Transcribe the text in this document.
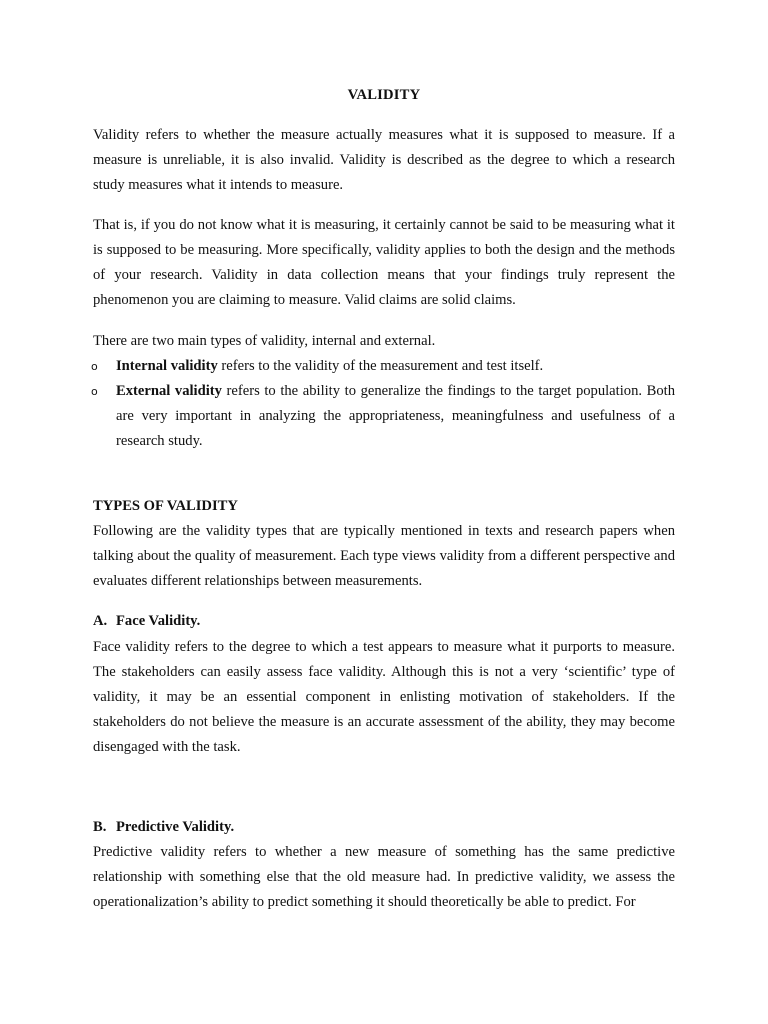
VALIDITY

Validity refers to whether the measure actually measures what it is supposed to measure. If a measure is unreliable, it is also invalid. Validity is described as the degree to which a research study measures what it intends to measure.

That is, if you do not know what it is measuring, it certainly cannot be said to be measuring what it is supposed to be measuring. More specifically, validity applies to both the design and the methods of your research. Validity in data collection means that your findings truly represent the phenomenon you are claiming to measure. Valid claims are solid claims.

There are two main types of validity, internal and external.

o Internal validity refers to the validity of the measurement and test itself.
o External validity refers to the ability to generalize the findings to the target population. Both are very important in analyzing the appropriateness, meaningfulness and usefulness of a research study.
TYPES OF VALIDITY

Following are the validity types that are typically mentioned in texts and research papers when talking about the quality of measurement. Each type views validity from a different perspective and evaluates different relationships between measurements.

A. Face Validity.

Face validity refers to the degree to which a test appears to measure what it purports to measure. The stakeholders can easily assess face validity. Although this is not a very ‘scientific’ type of validity, it may be an essential component in enlisting motivation of stakeholders. If the stakeholders do not believe the measure is an accurate assessment of the ability, they may become disengaged with the task.

B. Predictive Validity.

Predictive validity refers to whether a new measure of something has the same predictive relationship with something else that the old measure had. In predictive validity, we assess the operationalization’s ability to predict something it should theoretically be able to predict. For
